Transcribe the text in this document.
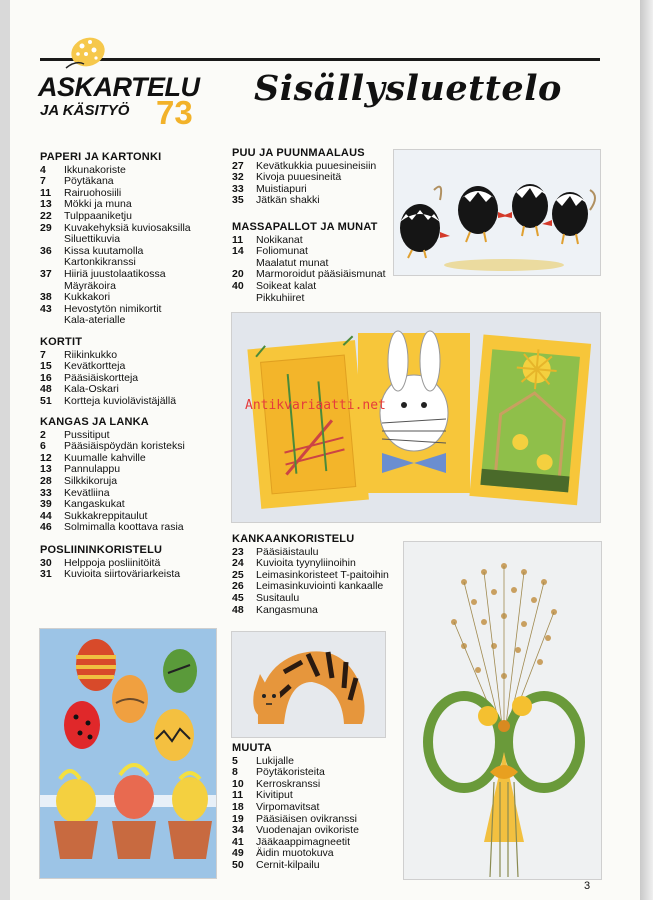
ASKARTELU
JA KÄSITYÖ 73
Sisällysluettelo
PAPERI JA KARTONKI
4	Ikkunakoriste
7	Pöytäkana
11	Rairuohosiili
13	Mökki ja muna
22	Tulppaaniketju
29	Kuvakehyksiä kuviosaksilla
Siluettikuvia
36	Kissa kuutamolla
Kartonkikranssi
37	Hiiriä juustolaatikossa
Mäyräkoira
38	Kukkakori
43	Hevostytön nimikortit
Kala-aterialle
KORTIT
7	Riikinkukko
15	Kevätkortteja
16	Pääsiäiskortteja
48	Kala-Oskari
51	Kortteja kuviolävistäjällä
KANGAS JA LANKA
2	Pussitiput
6	Pääsiäispöydän koristeksi
12	Kuumalle kahville
13	Pannulappu
28	Silkkikoruja
33	Kevätliina
39	Kangaskukat
44	Sukkakreppitaulut
46	Solmimalla koottava rasia
POSLIININKORISTELU
30	Helppoja posliinitöitä
31	Kuvioita siirtoväriarkeista
PUU JA PUUNMAALAUS
27	Kevätkukkia puuesineisiin
32	Kivoja puuesineitä
33	Muistiapuri
35	Jätkän shakki
MASSAPALLOT JA MUNAT
11	Nokikanat
14	Foliomunat
Maalatut munat
20	Marmoroidut pääsiäismunat
40	Soikeat kalat
Pikkuhiiret
KANKAANKORISTELU
23	Pääsiäistaulu
24	Kuvioita tyynyliinoihin
25	Leimasinkoristeet T-paitoihin
26	Leimasinkuviointi kankaalle
45	Susitaulu
48	Kangasmuna
MUUTA
5	Lukijalle
8	Pöytäkoristeita
10	Kerroskranssi
11	Kivitiput
18	Virpomavitsat
19	Pääsiäisen ovikranssi
34	Vuodenajan ovikoriste
41	Jääkaappimagneetit
49	Äidin muotokuva
50	Cernit-kilpailu
Antikvariaatti.net
3
